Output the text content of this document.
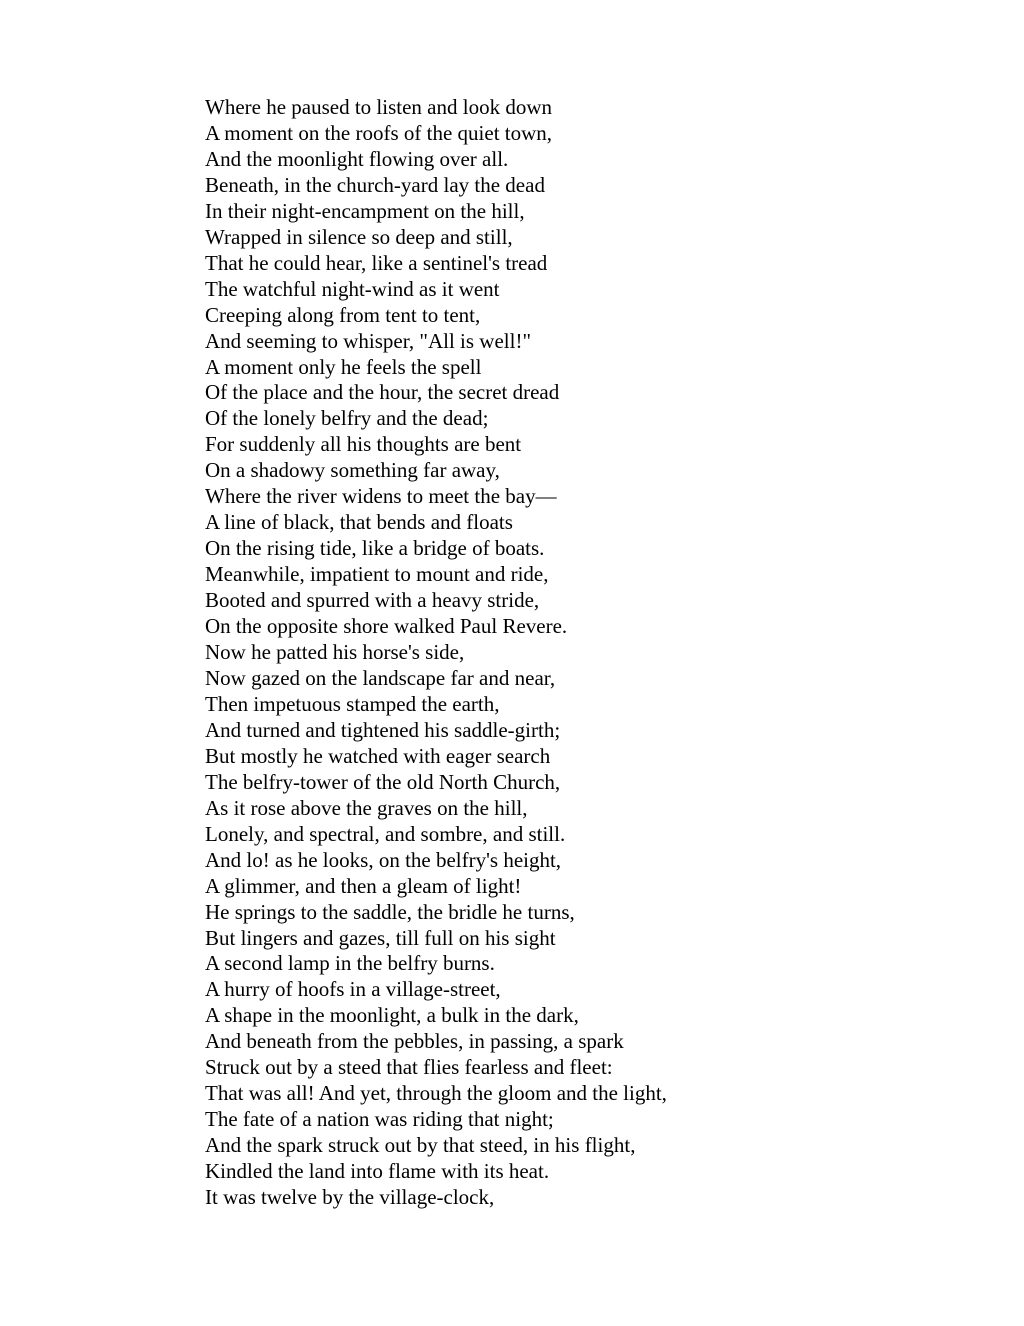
Where he paused to listen and look down
A moment on the roofs of the quiet town,
And the moonlight flowing over all.
Beneath, in the church-yard lay the dead
In their night-encampment on the hill,
Wrapped in silence so deep and still,
That he could hear, like a sentinel's tread
The watchful night-wind as it went
Creeping along from tent to tent,
And seeming to whisper, "All is well!"
A moment only he feels the spell
Of the place and the hour, the secret dread
Of the lonely belfry and the dead;
For suddenly all his thoughts are bent
On a shadowy something far away,
Where the river widens to meet the bay—
A line of black, that bends and floats
On the rising tide, like a bridge of boats.
Meanwhile, impatient to mount and ride,
Booted and spurred with a heavy stride,
On the opposite shore walked Paul Revere.
Now he patted his horse's side,
Now gazed on the landscape far and near,
Then impetuous stamped the earth,
And turned and tightened his saddle-girth;
But mostly he watched with eager search
The belfry-tower of the old North Church,
As it rose above the graves on the hill,
Lonely, and spectral, and sombre, and still.
And lo! as he looks, on the belfry's height,
A glimmer, and then a gleam of light!
He springs to the saddle, the bridle he turns,
But lingers and gazes, till full on his sight
A second lamp in the belfry burns.
A hurry of hoofs in a village-street,
A shape in the moonlight, a bulk in the dark,
And beneath from the pebbles, in passing, a spark
Struck out by a steed that flies fearless and fleet:
That was all! And yet, through the gloom and the light,
The fate of a nation was riding that night;
And the spark struck out by that steed, in his flight,
Kindled the land into flame with its heat.
It was twelve by the village-clock,
